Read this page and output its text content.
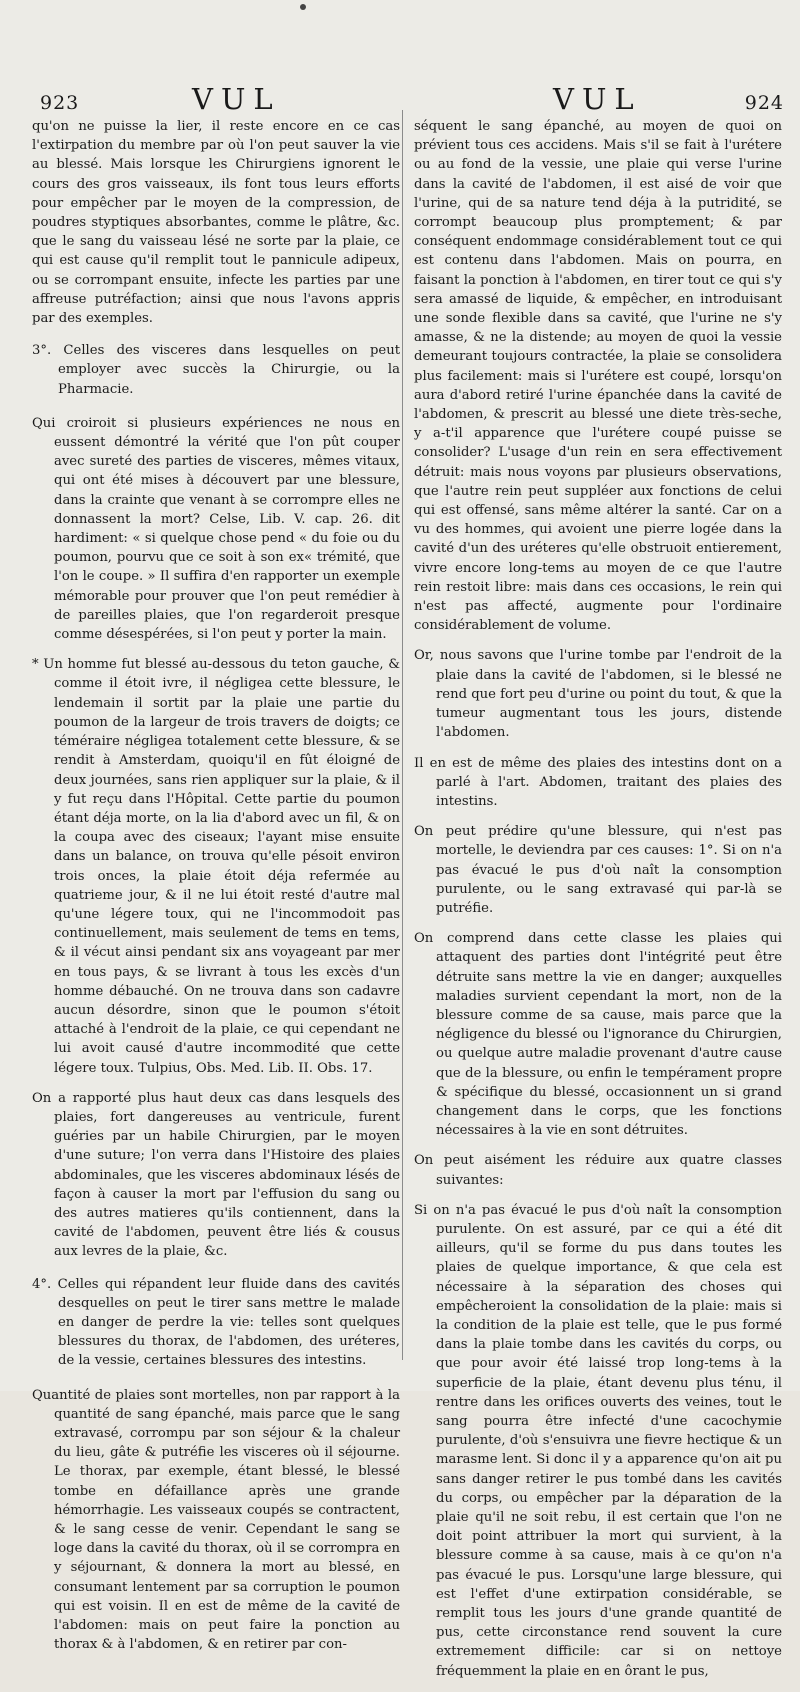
923	VUL	VUL	924

qu'on ne puisse la lier, il reste encore en ce cas l'extirpation du membre par où l'on peut sauver la vie au blessé. Mais lorsque les Chirurgiens ignorent le cours des gros vaisseaux, ils font tous leurs efforts pour empêcher par le moyen de la compression, de poudres styptiques absorbantes, comme le plâtre, &c. que le sang du vaisseau lésé ne sorte par la plaie, ce qui est cause qu'il remplit tout le pannicule adipeux, ou se corrompant ensuite, infecte les parties par une affreuse putréfaction; ainsi que nous l'avons appris par des exemples.

3°. Celles des visceres dans lesquelles on peut employer avec succès la Chirurgie, ou la Pharmacie.

Qui croiroit si plusieurs expériences ne nous en eussent démontré la vérité que l'on pût couper avec sureté des parties de visceres, mêmes vitaux, qui ont été mises à découvert par une blessure, dans la crainte que venant à se corrompre elles ne donnassent la mort? Celse, Lib. V. cap. 26. dit hardiment: « si quelque chose pend « du foie ou du poumon, pourvu que ce soit à son ex« trémité, que l'on le coupe. » Il suffira d'en rapporter un exemple mémorable pour prouver que l'on peut remédier à de pareilles plaies, que l'on regarderoit presque comme désespérées, si l'on peut y porter la main.

* Un homme fut blessé au-dessous du teton gauche, & comme il étoit ivre, il négligea cette blessure, le lendemain il sortit par la plaie une partie du poumon de la largeur de trois travers de doigts; ce téméraire négligea totalement cette blessure, & se rendit à Amsterdam, quoiqu'il en fût éloigné de deux journées, sans rien appliquer sur la plaie, & il y fut reçu dans l'Hôpital. Cette partie du poumon étant déja morte, on la lia d'abord avec un fil, & on la coupa avec des ciseaux; l'ayant mise ensuite dans un balance, on trouva qu'elle pésoit environ trois onces, la plaie étoit déja refermée au quatrieme jour, & il ne lui étoit resté d'autre mal qu'une légere toux, qui ne l'incommodoit pas continuellement, mais seulement de tems en tems, & il vécut ainsi pendant six ans voyageant par mer en tous pays, & se livrant à tous les excès d'un homme débauché. On ne trouva dans son cadavre aucun désordre, sinon que le poumon s'étoit attaché à l'endroit de la plaie, ce qui cependant ne lui avoit causé d'autre incommodité que cette légere toux. Tulpius, Obs. Med. Lib. II. Obs. 17.

On a rapporté plus haut deux cas dans lesquels des plaies, fort dangereuses au ventricule, furent guéries par un habile Chirurgien, par le moyen d'une suture; l'on verra dans l'Histoire des plaies abdominales, que les visceres abdominaux lésés de façon à causer la mort par l'effusion du sang ou des autres matieres qu'ils contiennent, dans la cavité de l'abdomen, peuvent être liés & cousus aux levres de la plaie, &c.

4°. Celles qui répandent leur fluide dans des cavités desquelles on peut le tirer sans mettre le malade en danger de perdre la vie: telles sont quelques blessures du thorax, de l'abdomen, des uréteres, de la vessie, certaines blessures des intestins.

Quantité de plaies sont mortelles, non par rapport à la quantité de sang épanché, mais parce que le sang extravasé, corrompu par son séjour & la chaleur du lieu, gâte & putréfie les visceres où il séjourne. Le thorax, par exemple, étant blessé, le blessé tombe en défaillance après une grande hémorrhagie. Les vaisseaux coupés se contractent, & le sang cesse de venir. Cependant le sang se loge dans la cavité du thorax, où il se corrompra en y séjournant, & donnera la mort au blessé, en consumant lentement par sa corruption le poumon qui est voisin. Il en est de même de la cavité de l'abdomen: mais on peut faire la ponction au thorax & à l'abdomen, & en retirer par con-

séquent le sang épanché, au moyen de quoi on prévient tous ces accidens. Mais s'il se fait à l'urétere ou au fond de la vessie, une plaie qui verse l'urine dans la cavité de l'abdomen, il est aisé de voir que l'urine, qui de sa nature tend déja à la putridité, se corrompt beaucoup plus promptement; & par conséquent endommage considérablement tout ce qui est contenu dans l'abdomen. Mais on pourra, en faisant la ponction à l'abdomen, en tirer tout ce qui s'y sera amassé de liquide, & empêcher, en introduisant une sonde flexible dans sa cavité, que l'urine ne s'y amasse, & ne la distende; au moyen de quoi la vessie demeurant toujours contractée, la plaie se consolidera plus facilement: mais si l'urétere est coupé, lorsqu'on aura d'abord retiré l'urine épanchée dans la cavité de l'abdomen, & prescrit au blessé une diete très-seche, y a-t'il apparence que l'urétere coupé puisse se consolider? L'usage d'un rein en sera effectivement détruit: mais nous voyons par plusieurs observations, que l'autre rein peut suppléer aux fonctions de celui qui est offensé, sans même altérer la santé. Car on a vu des hommes, qui avoient une pierre logée dans la cavité d'un des uréteres qu'elle obstruoit entierement, vivre encore long-tems au moyen de ce que l'autre rein restoit libre: mais dans ces occasions, le rein qui n'est pas affecté, augmente pour l'ordinaire considérablement de volume.

Or, nous savons que l'urine tombe par l'endroit de la plaie dans la cavité de l'abdomen, si le blessé ne rend que fort peu d'urine ou point du tout, & que la tumeur augmentant tous les jours, distende l'abdomen.

Il en est de même des plaies des intestins dont on a parlé à l'art. Abdomen, traitant des plaies des intestins.

On peut prédire qu'une blessure, qui n'est pas mortelle, le deviendra par ces causes: 1°. Si on n'a pas évacué le pus d'où naît la consomption purulente, ou le sang extravasé qui par-là se putréfie.

On comprend dans cette classe les plaies qui attaquent des parties dont l'intégrité peut être détruite sans mettre la vie en danger; auxquelles maladies survient cependant la mort, non de la blessure comme de sa cause, mais parce que la négligence du blessé ou l'ignorance du Chirurgien, ou quelque autre maladie provenant d'autre cause que de la blessure, ou enfin le tempérament propre & spécifique du blessé, occasionnent un si grand changement dans le corps, que les fonctions nécessaires à la vie en sont détruites.

On peut aisément les réduire aux quatre classes suivantes:

Si on n'a pas évacué le pus d'où naît la consomption purulente. On est assuré, par ce qui a été dit ailleurs, qu'il se forme du pus dans toutes les plaies de quelque importance, & que cela est nécessaire à la séparation des choses qui empêcheroient la consolidation de la plaie: mais si la condition de la plaie est telle, que le pus formé dans la plaie tombe dans les cavités du corps, ou que pour avoir été laissé trop long-tems à la superficie de la plaie, étant devenu plus ténu, il rentre dans les orifices ouverts des veines, tout le sang pourra être infecté d'une cacochymie purulente, d'où s'ensuivra une fievre hectique & un marasme lent. Si donc il y a apparence qu'on ait pu sans danger retirer le pus tombé dans les cavités du corps, ou empêcher par la déparation de la plaie qu'il ne soit rebu, il est certain que l'on ne doit point attribuer la mort qui survient, à la blessure comme à sa cause, mais à ce qu'on n'a pas évacué le pus. Lorsqu'une large blessure, qui est l'effet d'une extirpation considérable, se remplit tous les jours d'une grande quantité de pus, cette circonstance rend souvent la cure extremement difficile: car si on nettoye fréquemment la plaie en en ôrant le pus,
